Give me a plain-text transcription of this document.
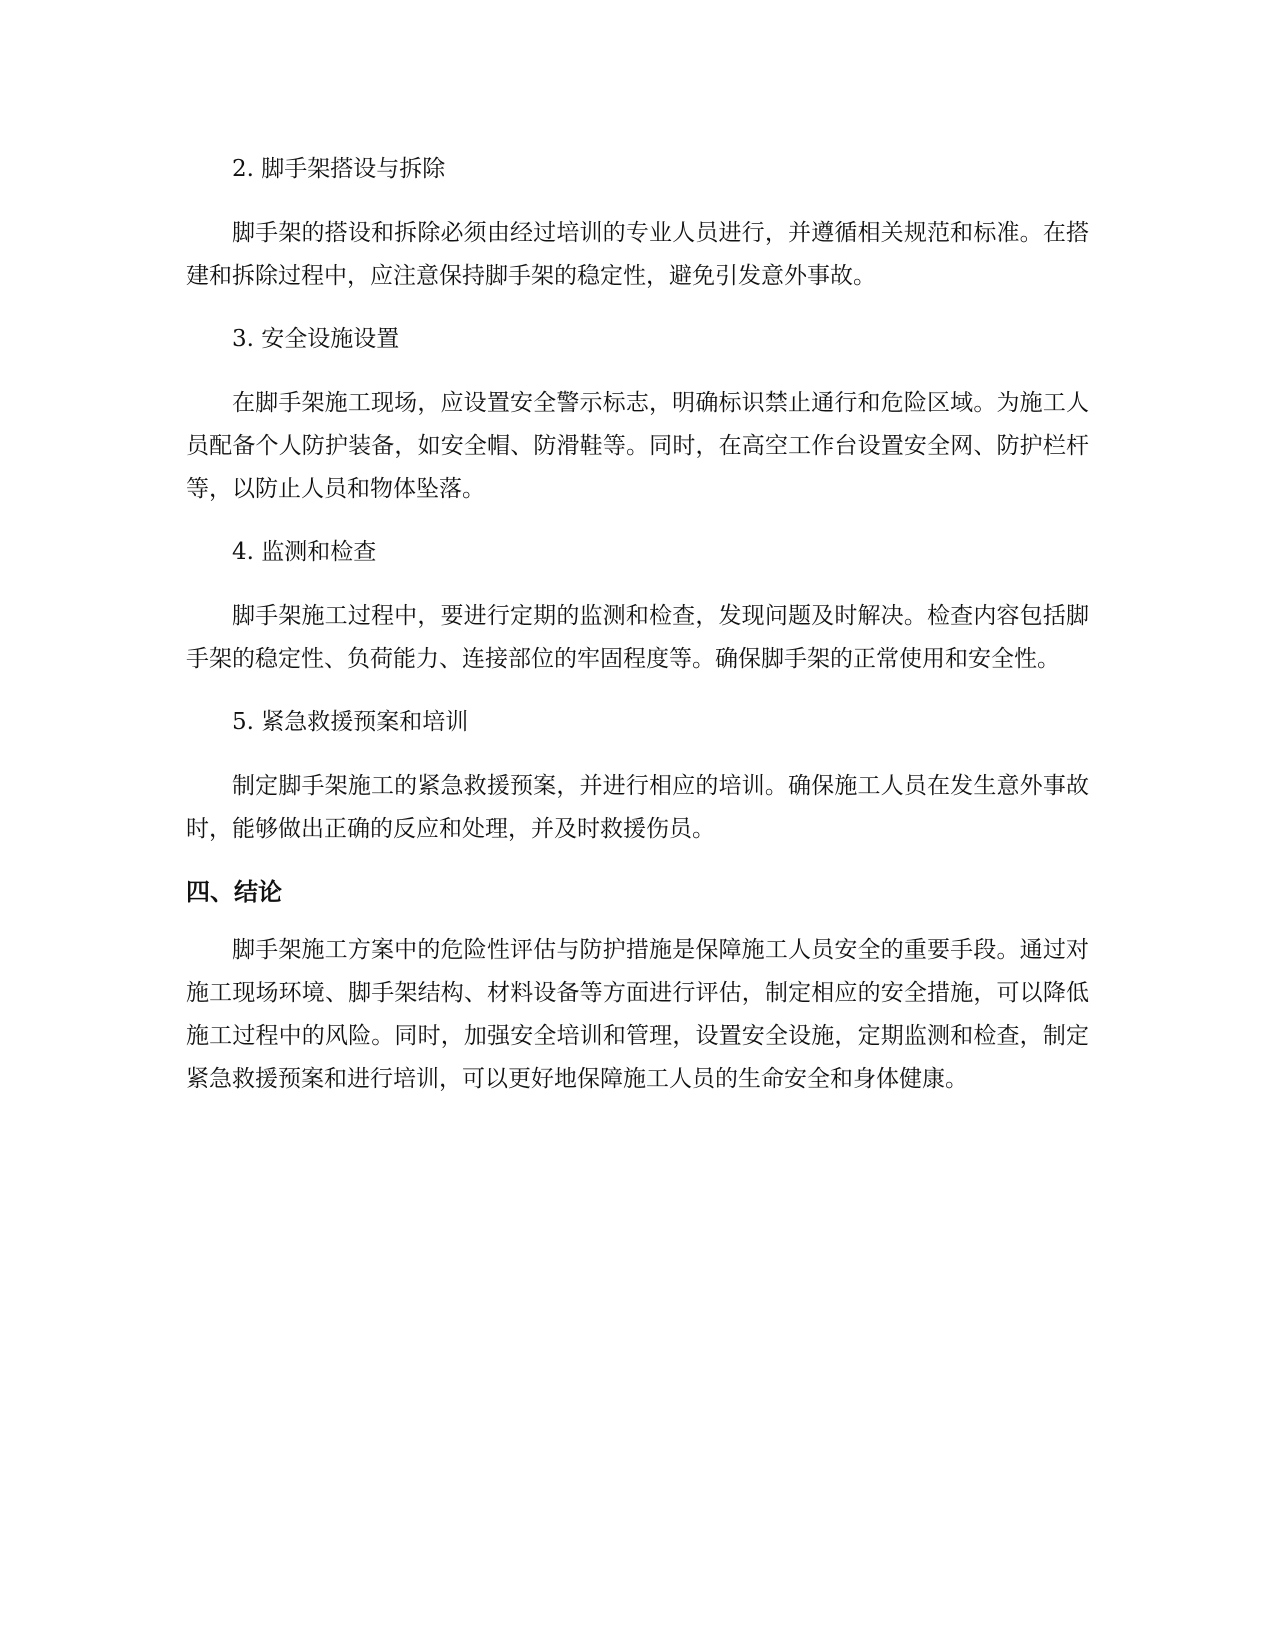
2. 脚手架搭设与拆除

脚手架的搭设和拆除必须由经过培训的专业人员进行，并遵循相关规范和标准。在搭建和拆除过程中，应注意保持脚手架的稳定性，避免引发意外事故。

3. 安全设施设置

在脚手架施工现场，应设置安全警示标志，明确标识禁止通行和危险区域。为施工人员配备个人防护装备，如安全帽、防滑鞋等。同时，在高空工作台设置安全网、防护栏杆等，以防止人员和物体坠落。

4. 监测和检查

脚手架施工过程中，要进行定期的监测和检查，发现问题及时解决。检查内容包括脚手架的稳定性、负荷能力、连接部位的牢固程度等。确保脚手架的正常使用和安全性。

5. 紧急救援预案和培训

制定脚手架施工的紧急救援预案，并进行相应的培训。确保施工人员在发生意外事故时，能够做出正确的反应和处理，并及时救援伤员。

四、结论

脚手架施工方案中的危险性评估与防护措施是保障施工人员安全的重要手段。通过对施工现场环境、脚手架结构、材料设备等方面进行评估，制定相应的安全措施，可以降低施工过程中的风险。同时，加强安全培训和管理，设置安全设施，定期监测和检查，制定紧急救援预案和进行培训，可以更好地保障施工人员的生命安全和身体健康。
